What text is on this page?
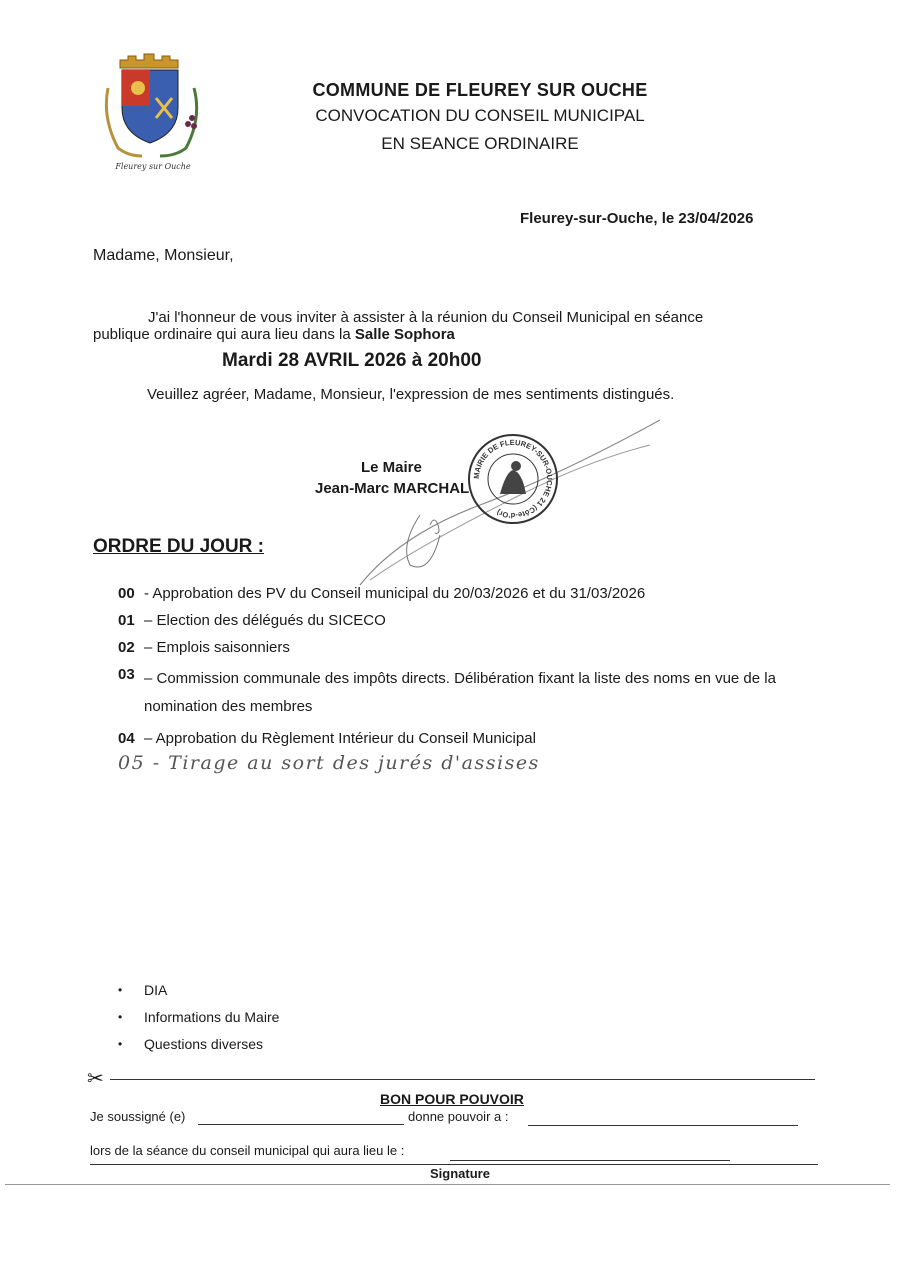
Fleurey sur Ouche
COMMUNE DE FLEUREY SUR OUCHE
CONVOCATION DU CONSEIL MUNICIPAL
EN SEANCE ORDINAIRE
Fleurey-sur-Ouche, le 23/04/2026
Madame, Monsieur,
J'ai l'honneur de vous inviter à assister à la réunion du Conseil Municipal en séance
publique ordinaire qui aura lieu dans la Salle Sophora
Mardi 28 AVRIL 2026 à 20h00
Veuillez agréer, Madame, Monsieur, l'expression de mes sentiments distingués.
Le Maire
Jean-Marc MARCHAL
MAIRIE DE FLEUREY-SUR-OUCHE 21 (Côte-d'Or)
ORDRE DU JOUR :
00 - Approbation des PV du Conseil municipal du 20/03/2026 et du 31/03/2026
01 – Election des délégués du SICECO
02 – Emplois saisonniers
03 – Commission communale des impôts directs. Délibération fixant la liste des noms en vue de la nomination des membres
04 – Approbation du Règlement Intérieur du Conseil Municipal
05 - Tirage au sort des jurés d'assises
•	DIA
•	Informations du Maire
•	Questions diverses
✂
BON POUR POUVOIR
Je soussigné (e)	donne pouvoir a :
lors de la séance du conseil municipal qui aura lieu le :
Signature
